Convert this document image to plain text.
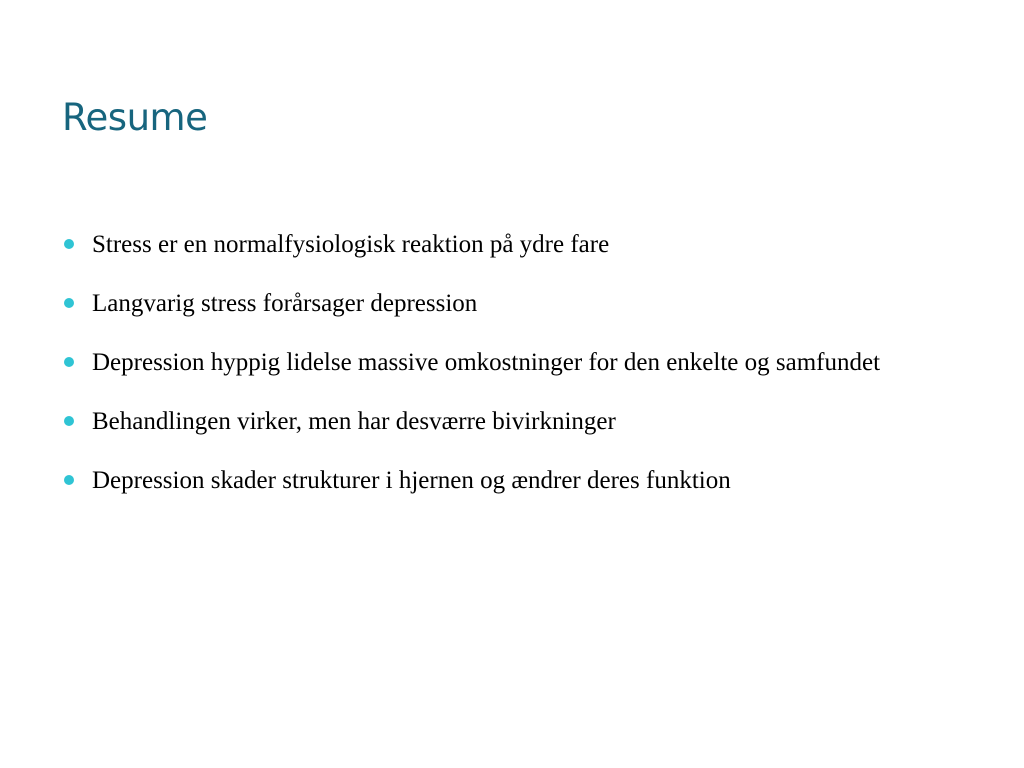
Resume
Stress er en normalfysiologisk reaktion på ydre fare
Langvarig stress forårsager depression
Depression hyppig lidelse massive omkostninger for den enkelte og samfundet
Behandlingen virker, men har desværre bivirkninger
Depression skader strukturer i hjernen og ændrer deres funktion
